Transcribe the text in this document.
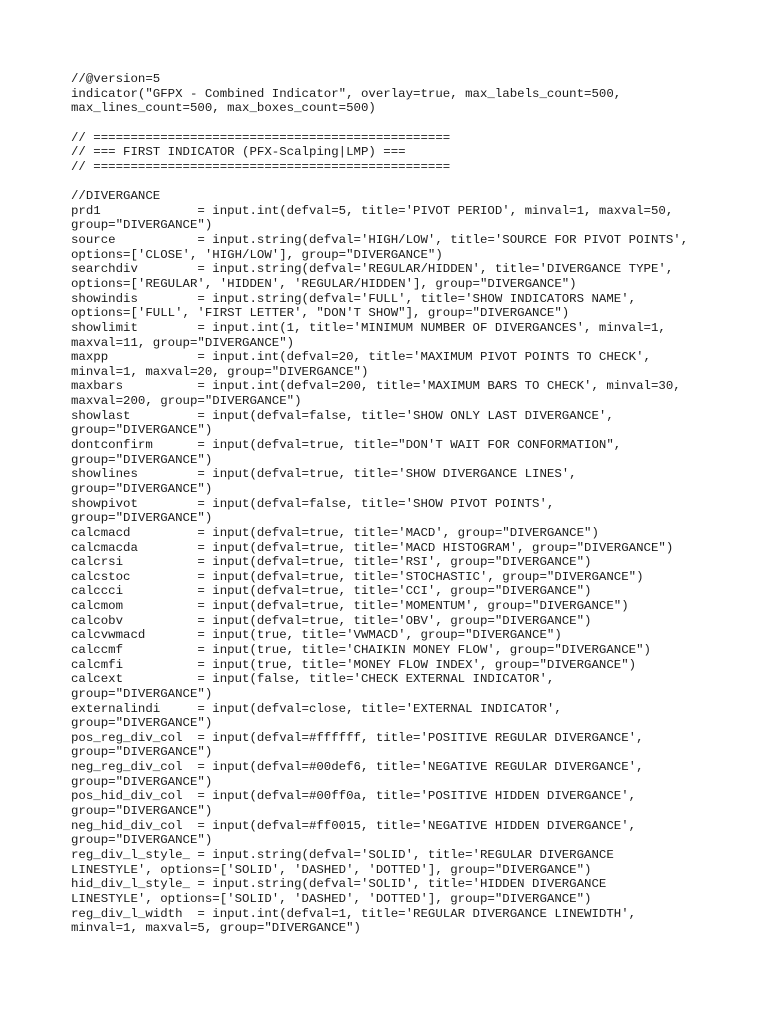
//@version=5
indicator("GFPX - Combined Indicator", overlay=true, max_labels_count=500,
max_lines_count=500, max_boxes_count=500)
// ================================================
// === FIRST INDICATOR (PFX-Scalping|LMP) ===
// ================================================
//DIVERGANCE
prd1             = input.int(defval=5, title='PIVOT PERIOD', minval=1, maxval=50,
group="DIVERGANCE")
source           = input.string(defval='HIGH/LOW', title='SOURCE FOR PIVOT POINTS',
options=['CLOSE', 'HIGH/LOW'], group="DIVERGANCE")
searchdiv        = input.string(defval='REGULAR/HIDDEN', title='DIVERGANCE TYPE',
options=['REGULAR', 'HIDDEN', 'REGULAR/HIDDEN'], group="DIVERGANCE")
showindis        = input.string(defval='FULL', title='SHOW INDICATORS NAME',
options=['FULL', 'FIRST LETTER', "DON'T SHOW"], group="DIVERGANCE")
showlimit        = input.int(1, title='MINIMUM NUMBER OF DIVERGANCES', minval=1,
maxval=11, group="DIVERGANCE")
maxpp            = input.int(defval=20, title='MAXIMUM PIVOT POINTS TO CHECK',
minval=1, maxval=20, group="DIVERGANCE")
maxbars          = input.int(defval=200, title='MAXIMUM BARS TO CHECK', minval=30,
maxval=200, group="DIVERGANCE")
showlast         = input(defval=false, title='SHOW ONLY LAST DIVERGANCE',
group="DIVERGANCE")
dontconfirm      = input(defval=true, title="DON'T WAIT FOR CONFORMATION",
group="DIVERGANCE")
showlines        = input(defval=true, title='SHOW DIVERGANCE LINES',
group="DIVERGANCE")
showpivot        = input(defval=false, title='SHOW PIVOT POINTS',
group="DIVERGANCE")
calcmacd         = input(defval=true, title='MACD', group="DIVERGANCE")
calcmacda        = input(defval=true, title='MACD HISTOGRAM', group="DIVERGANCE")
calcrsi          = input(defval=true, title='RSI', group="DIVERGANCE")
calcstoc         = input(defval=true, title='STOCHASTIC', group="DIVERGANCE")
calccci          = input(defval=true, title='CCI', group="DIVERGANCE")
calcmom          = input(defval=true, title='MOMENTUM', group="DIVERGANCE")
calcobv          = input(defval=true, title='OBV', group="DIVERGANCE")
calcvwmacd       = input(true, title='VWMACD', group="DIVERGANCE")
calccmf          = input(true, title='CHAIKIN MONEY FLOW', group="DIVERGANCE")
calcmfi          = input(true, title='MONEY FLOW INDEX', group="DIVERGANCE")
calcext          = input(false, title='CHECK EXTERNAL INDICATOR',
group="DIVERGANCE")
externalindi     = input(defval=close, title='EXTERNAL INDICATOR',
group="DIVERGANCE")
pos_reg_div_col  = input(defval=#ffffff, title='POSITIVE REGULAR DIVERGANCE',
group="DIVERGANCE")
neg_reg_div_col  = input(defval=#00def6, title='NEGATIVE REGULAR DIVERGANCE',
group="DIVERGANCE")
pos_hid_div_col  = input(defval=#00ff0a, title='POSITIVE HIDDEN DIVERGANCE',
group="DIVERGANCE")
neg_hid_div_col  = input(defval=#ff0015, title='NEGATIVE HIDDEN DIVERGANCE',
group="DIVERGANCE")
reg_div_l_style_ = input.string(defval='SOLID', title='REGULAR DIVERGANCE
LINESTYLE', options=['SOLID', 'DASHED', 'DOTTED'], group="DIVERGANCE")
hid_div_l_style_ = input.string(defval='SOLID', title='HIDDEN DIVERGANCE
LINESTYLE', options=['SOLID', 'DASHED', 'DOTTED'], group="DIVERGANCE")
reg_div_l_width  = input.int(defval=1, title='REGULAR DIVERGANCE LINEWIDTH',
minval=1, maxval=5, group="DIVERGANCE")
